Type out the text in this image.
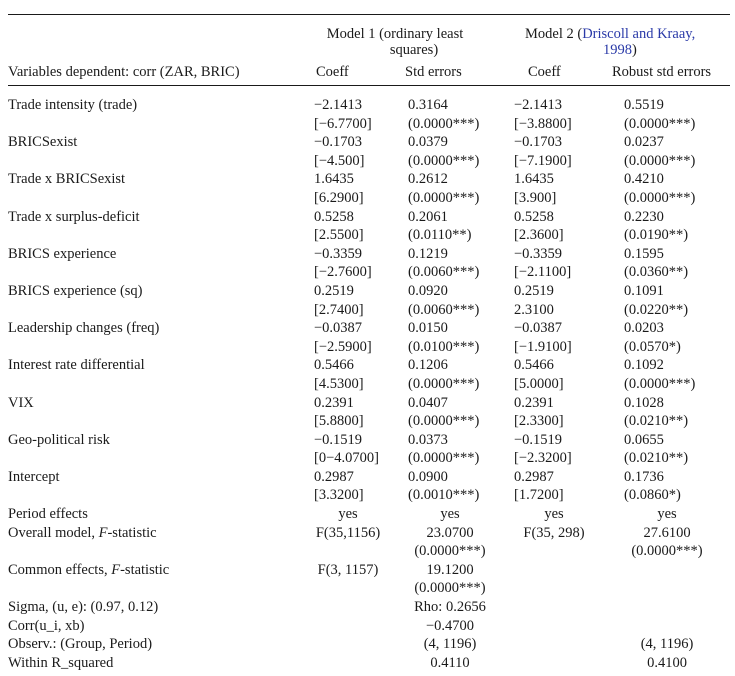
Model 1 (ordinary least
squares)
Model 2 (Driscoll and Kraay,
1998)
Variables dependent: corr (ZAR, BRIC)	Coeff	Std errors	Coeff	Robust std errors
Trade intensity (trade)	−2.1413	0.3164	−2.1413	0.5519
	[−6.7700]	(0.0000***)	[−3.8800]	(0.0000***)
BRICSexist	−0.1703	0.0379	−0.1703	0.0237
	[−4.500]	(0.0000***)	[−7.1900]	(0.0000***)
Trade x BRICSexist	1.6435	0.2612	1.6435	0.4210
	[6.2900]	(0.0000***)	[3.900]	(0.0000***)
Trade x surplus-deficit	0.5258	0.2061	0.5258	0.2230
	[2.5500]	(0.0110**)	[2.3600]	(0.0190**)
BRICS experience	−0.3359	0.1219	−0.3359	0.1595
	[−2.7600]	(0.0060***)	[−2.1100]	(0.0360**)
BRICS experience (sq)	0.2519	0.0920	0.2519	0.1091
	[2.7400]	(0.0060***)	2.3100	(0.0220**)
Leadership changes (freq)	−0.0387	0.0150	−0.0387	0.0203
	[−2.5900]	(0.0100***)	[−1.9100]	(0.0570*)
Interest rate differential	0.5466	0.1206	0.5466	0.1092
	[4.5300]	(0.0000***)	[5.0000]	(0.0000***)
VIX	0.2391	0.0407	0.2391	0.1028
	[5.8800]	(0.0000***)	[2.3300]	(0.0210**)
Geo-political risk	−0.1519	0.0373	−0.1519	0.0655
	[0−4.0700]	(0.0000***)	[−2.3200]	(0.0210**)
Intercept	0.2987	0.0900	0.2987	0.1736
	[3.3200]	(0.0010***)	[1.7200]	(0.0860*)
Period effects	yes	yes	yes	yes
Overall model, F-statistic	F(35,1156)	23.0700	F(35, 298)	27.6100
		(0.0000***)		(0.0000***)
Common effects, F-statistic	F(3, 1157)	19.1200		
		(0.0000***)		
Sigma, (u, e): (0.97, 0.12)		Rho: 0.2656		
Corr(u_i, xb)		−0.4700		
Observ.: (Group, Period)		(4, 1196)		(4, 1196)
Within R_squared		0.4110		0.4100
